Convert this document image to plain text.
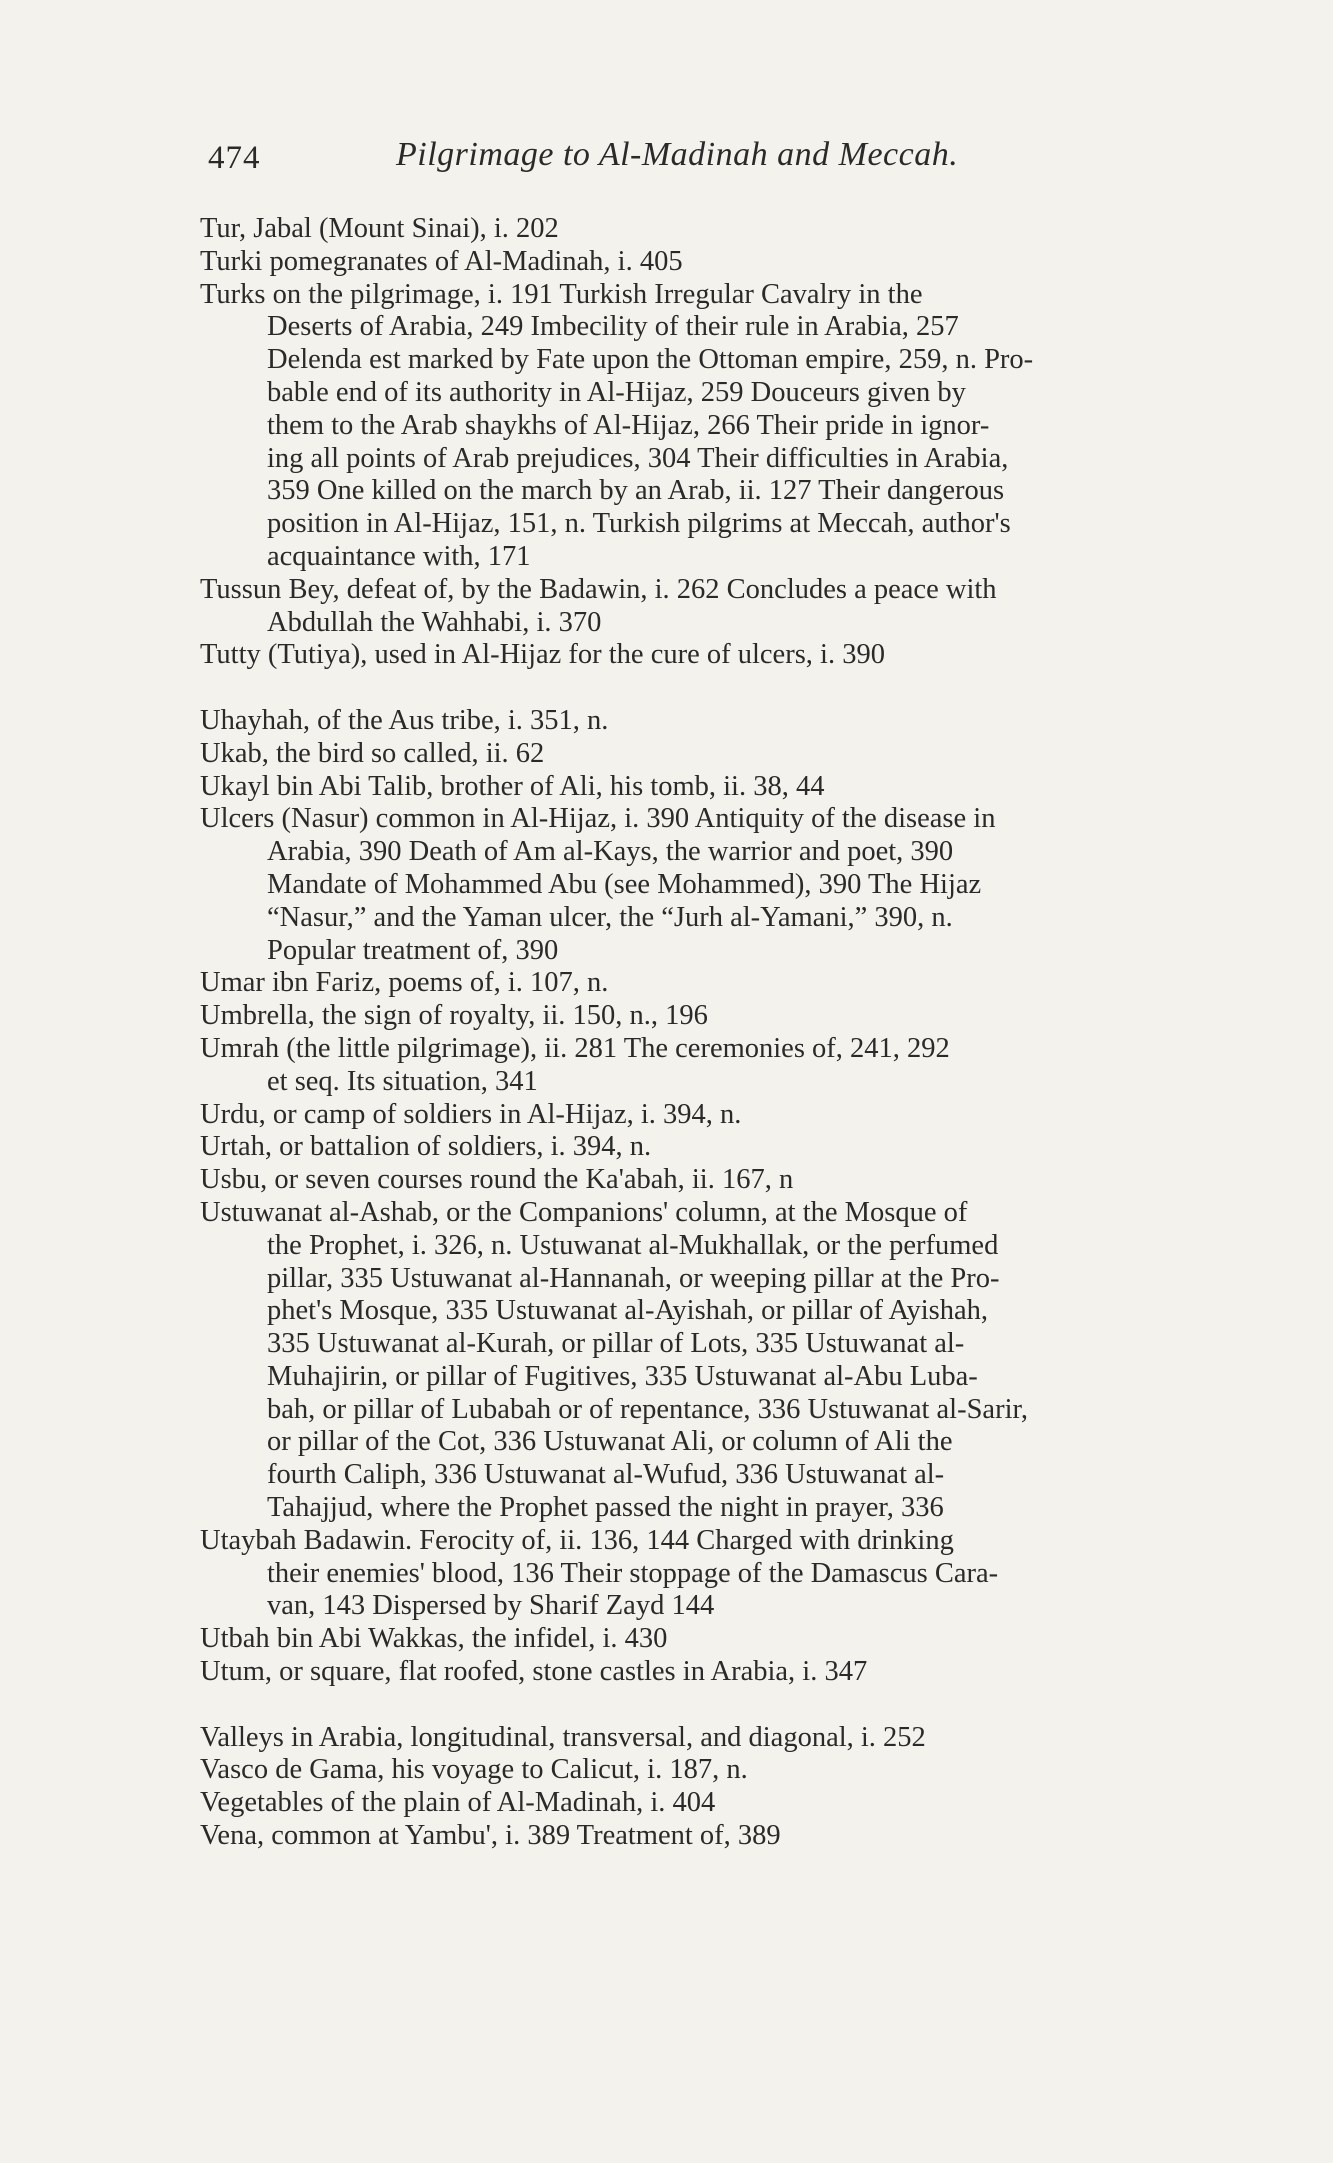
474	Pilgrimage to Al-Madinah and Meccah.
Tur, Jabal (Mount Sinai), i. 202
Turki pomegranates of Al-Madinah, i. 405
Turks on the pilgrimage, i. 191 Turkish Irregular Cavalry in the
Deserts of Arabia, 249 Imbecility of their rule in Arabia, 257
Delenda est marked by Fate upon the Ottoman empire, 259, n. Pro-
bable end of its authority in Al-Hijaz, 259 Douceurs given by
them to the Arab shaykhs of Al-Hijaz, 266 Their pride in ignor-
ing all points of Arab prejudices, 304 Their difficulties in Arabia,
359 One killed on the march by an Arab, ii. 127 Their dangerous
position in Al-Hijaz, 151, n. Turkish pilgrims at Meccah, author's
acquaintance with, 171
Tussun Bey, defeat of, by the Badawin, i. 262 Concludes a peace with
Abdullah the Wahhabi, i. 370
Tutty (Tutiya), used in Al-Hijaz for the cure of ulcers, i. 390
Uhayhah, of the Aus tribe, i. 351, n.
Ukab, the bird so called, ii. 62
Ukayl bin Abi Talib, brother of Ali, his tomb, ii. 38, 44
Ulcers (Nasur) common in Al-Hijaz, i. 390 Antiquity of the disease in
Arabia, 390 Death of Am al-Kays, the warrior and poet, 390
Mandate of Mohammed Abu (see Mohammed), 390 The Hijaz
“Nasur,” and the Yaman ulcer, the “Jurh al-Yamani,” 390, n.
Popular treatment of, 390
Umar ibn Fariz, poems of, i. 107, n.
Umbrella, the sign of royalty, ii. 150, n., 196
Umrah (the little pilgrimage), ii. 281 The ceremonies of, 241, 292
et seq. Its situation, 341
Urdu, or camp of soldiers in Al-Hijaz, i. 394, n.
Urtah, or battalion of soldiers, i. 394, n.
Usbu, or seven courses round the Ka'abah, ii. 167, n
Ustuwanat al-Ashab, or the Companions' column, at the Mosque of
the Prophet, i. 326, n. Ustuwanat al-Mukhallak, or the perfumed
pillar, 335 Ustuwanat al-Hannanah, or weeping pillar at the Pro-
phet's Mosque, 335 Ustuwanat al-Ayishah, or pillar of Ayishah,
335 Ustuwanat al-Kurah, or pillar of Lots, 335 Ustuwanat al-
Muhajirin, or pillar of Fugitives, 335 Ustuwanat al-Abu Luba-
bah, or pillar of Lubabah or of repentance, 336 Ustuwanat al-Sarir,
or pillar of the Cot, 336 Ustuwanat Ali, or column of Ali the
fourth Caliph, 336 Ustuwanat al-Wufud, 336 Ustuwanat al-
Tahajjud, where the Prophet passed the night in prayer, 336
Utaybah Badawin. Ferocity of, ii. 136, 144 Charged with drinking
their enemies' blood, 136 Their stoppage of the Damascus Cara-
van, 143 Dispersed by Sharif Zayd 144
Utbah bin Abi Wakkas, the infidel, i. 430
Utum, or square, flat roofed, stone castles in Arabia, i. 347
Valleys in Arabia, longitudinal, transversal, and diagonal, i. 252
Vasco de Gama, his voyage to Calicut, i. 187, n.
Vegetables of the plain of Al-Madinah, i. 404
Vena, common at Yambu', i. 389 Treatment of, 389
